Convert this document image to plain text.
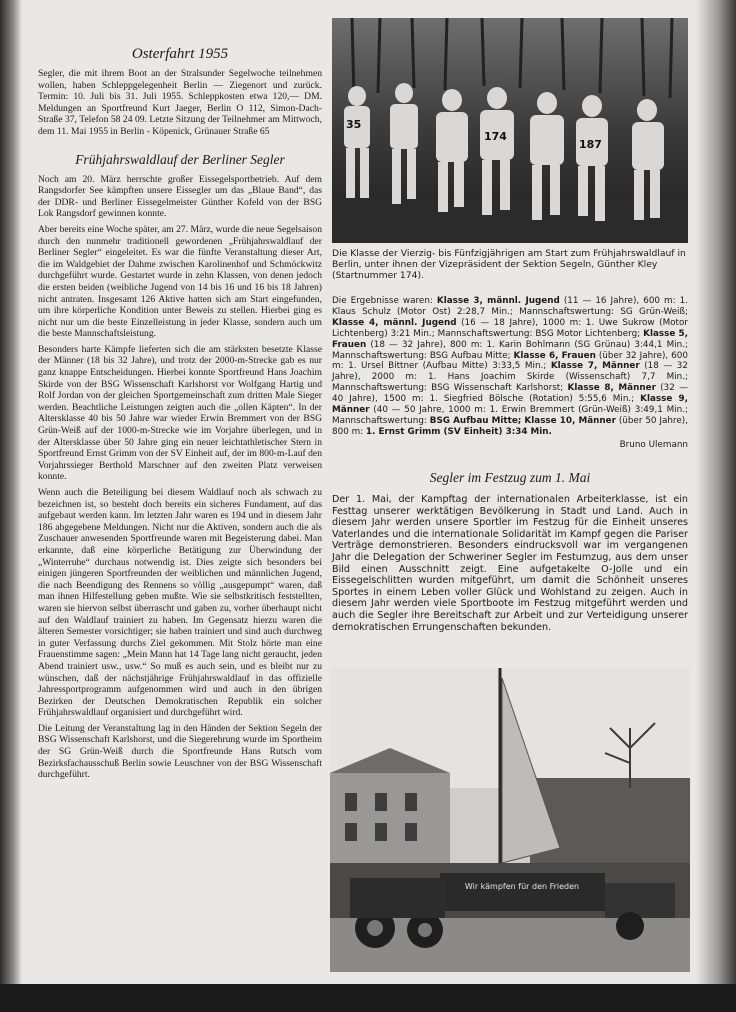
Osterfahrt 1955

Segler, die mit ihrem Boot an der Stralsunder Segelwoche teilnehmen wollen, haben Schleppgelegenheit Berlin — Ziegenort und zurück. Termin: 10. Juli bis 31. Juli 1955. Schleppkosten etwa 120,— DM. Meldungen an Sportfreund Kurt Jaeger, Berlin O 112, Simon-Dach-Straße 37, Telefon 58 24 09. Letzte Sitzung der Teilnehmer am Mittwoch, dem 11. Mai 1955 in Berlin - Köpenick, Grünauer Straße 65

Frühjahrswaldlauf der Berliner Segler

Noch am 20. März herrschte großer Eissegelsportbetrieb. Auf dem Rangsdorfer See kämpften unsere Eissegler um das „Blaue Band“, das der DDR- und Berliner Eissegelmeister Günther Kofeld von der BSG Lok Rangsdorf gewinnen konnte.

Aber bereits eine Woche später, am 27. März, wurde die neue Segelsaison durch den nunmehr traditionell gewordenen „Frühjahrswaldlauf der Berliner Segler“ eingeleitet. Es war die fünfte Veranstaltung dieser Art, die im Waldgebiet der Dahme zwischen Karolinenhof und Schmöckwitz durchgeführt wurde. Gestartet wurde in zehn Klassen, von denen jedoch die ersten beiden (weibliche Jugend von 14 bis 16 und 16 bis 18 Jahren) nicht antraten. Insgesamt 126 Aktive hatten sich am Start eingefunden, um ihre körperliche Kondition unter Beweis zu stellen. Hierbei ging es nicht nur um die beste Einzelleistung in jeder Klasse, sondern auch um die beste Mannschaftsleistung.

Besonders harte Kämpfe lieferten sich die am stärksten besetzte Klasse der Männer (18 bis 32 Jahre), und trotz der 2000-m-Strecke gab es nur ganz knappe Entscheidungen. Hierbei konnte Sportfreund Hans Joachim Skirde von der BSG Wissenschaft Karlshorst vor Wolfgang Hartig und Rolf Jordan von der gleichen Sportgemeinschaft zum dritten Male Sieger werden. Beachtliche Leistungen zeigten auch die „ollen Käpten“. In der Altersklasse 40 bis 50 Jahre war wieder Erwin Bremmert von der BSG Grün-Weiß auf der 1000-m-Strecke wie im Vorjahre überlegen, und in der Altersklasse über 50 Jahre ging ein neuer leichtathletischer Stern in Sportfreund Ernst Grimm von der SV Einheit auf, der im 800-m-Lauf den Vorjahrssieger Berthold Marschner auf den zweiten Platz verweisen konnte.

Wenn auch die Beteiligung bei diesem Waldlauf noch als schwach zu bezeichnen ist, so besteht doch bereits ein sicheres Fundament, auf das aufgebaut werden kann. Im letzten Jahr waren es 194 und in diesem Jahr 186 abgegebene Meldungen. Nicht nur die Aktiven, sondern auch die als Zuschauer anwesenden Sportfreunde waren mit Begeisterung dabei. Man erkannte, daß eine körperliche Betätigung zur Überwindung der „Winterruhe“ durchaus notwendig ist. Dies zeigte sich besonders bei einigen jüngeren Sportfreunden der weiblichen und männlichen Jugend, die nach Beendigung des Rennens so völlig „ausgepumpt“ waren, daß man ihnen Hilfestellung geben mußte. Wie sie selbstkritisch feststellten, waren sie hiervon selbst überrascht und gaben zu, vorher überhaupt nicht auf den Waldlauf trainiert zu haben. Im Gegensatz hierzu waren die älteren Semester vorsichtiger; sie haben trainiert und sind auch durchweg in guter Verfassung durchs Ziel gekommen. Mit Stolz hörte man eine Frauenstimme sagen: „Mein Mann hat 14 Tage lang nicht geraucht, jeden Abend trainiert usw., usw.“ So muß es auch sein, und es bleibt nur zu wünschen, daß der nächstjährige Frühjahrswaldlauf in das offizielle Jahressportprogramm aufgenommen wird und auch in den übrigen Bezirken der Deutschen Demokratischen Republik ein solcher Frühjahrswaldlauf organisiert und durchgeführt wird.

Die Leitung der Veranstaltung lag in den Händen der Sektion Segeln der BSG Wissenschaft Karlshorst, und die Siegerehrung wurde im Sportheim der SG Grün-Weiß durch die Sportfreunde Hans Rutsch vom Bezirksfachausschuß Berlin sowie Leuschner von der BSG Wissenschaft durchgeführt.

35
174
187
Die Klasse der Vierzig- bis Fünfzigjährigen am Start zum Frühjahrswaldlauf in Berlin, unter ihnen der Vizepräsident der Sektion Segeln, Günther Kley (Startnummer 174).
Die Ergebnisse waren: Klasse 3, männl. Jugend (11 — 16 Jahre), 600 m: 1. Klaus Schulz (Motor Ost) 2:28,7 Min.; Mannschaftswertung: SG Grün-Weiß; Klasse 4, männl. Jugend (16 — 18 Jahre), 1000 m: 1. Uwe Sukrow (Motor Lichtenberg) 3:21 Min.; Mannschaftswertung: BSG Motor Lichtenberg; Klasse 5, Frauen (18 — 32 Jahre), 800 m: 1. Karin Bohlmann (SG Grünau) 3:44,1 Min.; Mannschaftswertung: BSG Aufbau Mitte; Klasse 6, Frauen (über 32 Jahre), 600 m: 1. Ursel Bittner (Aufbau Mitte) 3:33,5 Min.; Klasse 7, Männer (18 — 32 Jahre), 2000 m: 1. Hans Joachim Skirde (Wissenschaft) 7,7 Min.; Mannschaftswertung: BSG Wissenschaft Karlshorst; Klasse 8, Männer (32 — 40 Jahre), 1500 m: 1. Siegfried Bölsche (Rotation) 5:55,6 Min.; Klasse 9, Männer (40 — 50 Jahre, 1000 m: 1. Erwin Bremmert (Grün-Weiß) 3:49,1 Min.; Mannschaftswertung: BSG Aufbau Mitte; Klasse 10, Männer (über 50 Jahre), 800 m: 1. Ernst Grimm (SV Einheit) 3:34 Min.
Bruno Ulemann
Segler im Festzug zum 1. Mai
Der 1. Mai, der Kampftag der internationalen Arbeiterklasse, ist ein Festtag unserer werktätigen Bevölkerung in Stadt und Land. Auch in diesem Jahr werden unsere Sportler im Festzug für die Einheit unseres Vaterlandes und die internationale Solidarität im Kampf gegen die Pariser Verträge demonstrieren. Besonders eindrucksvoll war im vergangenen Jahr die Delegation der Schweriner Segler im Festumzug, aus dem unser Bild einen Ausschnitt zeigt. Eine aufgetakelte O-Jolle und ein Eissegelschlitten wurden mitgeführt, um damit die Schönheit unseres Sportes in einem Leben voller Glück und Wohlstand zu zeigen. Auch in diesem Jahr werden viele Sportboote im Festzug mitgeführt werden und auch die Segler ihre Bereitschaft zur Arbeit und zur Verteidigung unserer demokratischen Errungenschaften bekunden.
Wir kämpfen für den Frieden
